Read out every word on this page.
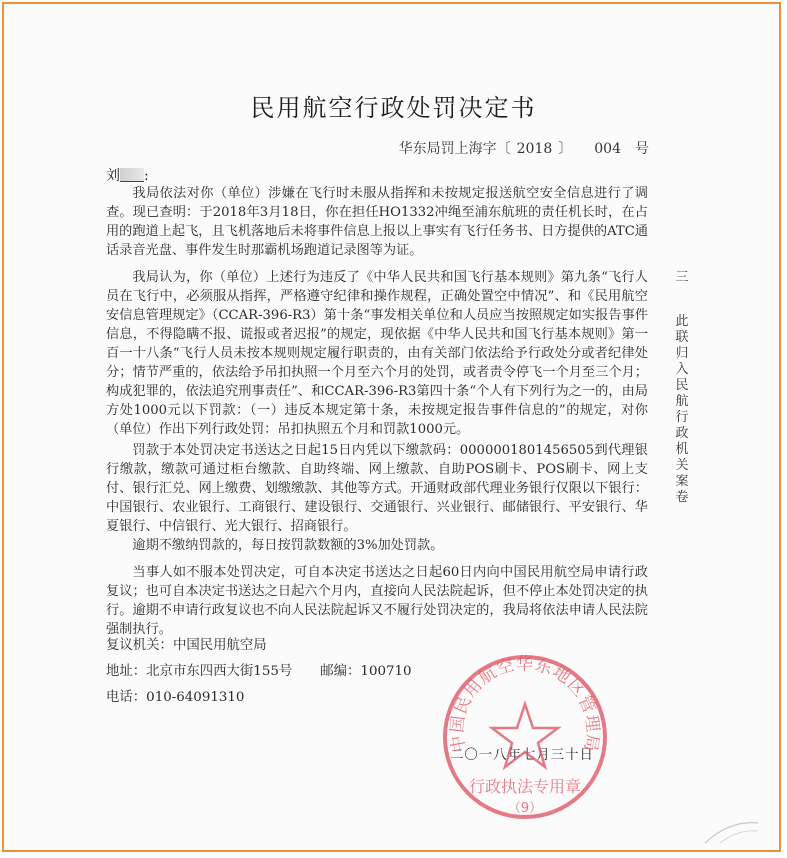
民用航空行政处罚决定书
华东局罚上海字〔 2018 〕 004 号
刘 :

我局依法对你（单位）涉嫌在飞行时未服从指挥和未按规定报送航空安全信息进行了调查。现已查明：于2018年3月18日，你在担任HO1332冲绳至浦东航班的责任机长时，在占用的跑道上起飞，且飞机落地后未将事件信息上报以上事实有飞行任务书、日方提供的ATC通话录音光盘、事件发生时那霸机场跑道记录图等为证。

我局认为，你（单位）上述行为违反了《中华人民共和国飞行基本规则》第九条“飞行人员在飞行中，必须服从指挥，严格遵守纪律和操作规程，正确处置空中情况”、和《民用航空安信息管理规定》（CCAR-396-R3）第十条“事发相关单位和人员应当按照规定如实报告事件信息，不得隐瞒不报、谎报或者迟报”的规定，现依据《中华人民共和国飞行基本规则》第一百一十八条“飞行人员未按本规则规定履行职责的，由有关部门依法给予行政处分或者纪律处分；情节严重的，依法给予吊扣执照一个月至六个月的处罚，或者责令停飞一个月至三个月；构成犯罪的，依法追究刑事责任”、和CCAR-396-R3第四十条“个人有下列行为之一的，由局方处1000元以下罚款：（一）违反本规定第十条，未按规定报告事件信息的”的规定，对你（单位）作出下列行政处罚：吊扣执照五个月和罚款1000元。

罚款于本处罚决定书送达之日起15日内凭以下缴款码：0000001801456505到代理银行缴款，缴款可通过柜台缴款、自助终端、网上缴款、自助POS刷卡、POS刷卡、网上支付、银行汇兑、网上缴费、划缴缴款、其他等方式。开通财政部代理业务银行仅限以下银行：中国银行、农业银行、工商银行、建设银行、交通银行、兴业银行、邮储银行、平安银行、华夏银行、中信银行、光大银行、招商银行。

逾期不缴纳罚款的，每日按罚款数额的3%加处罚款。

当事人如不服本处罚决定，可自本决定书送达之日起60日内向中国民用航空局申请行政复议；也可自本决定书送达之日起六个月内，直接向人民法院起诉，但不停止本处罚决定的执行。逾期不申请行政复议也不向人民法院起诉又不履行处罚决定的，我局将依法申请人民法院强制执行。

复议机关：中国民用航空局
地址：北京市东四西大街155号 邮编：100710
电话：010-64091310
二〇一八年七月三十日
三
此联归入民航行政机关案卷
中国民用航空华东地区管理局
行政执法专用章
（9）
